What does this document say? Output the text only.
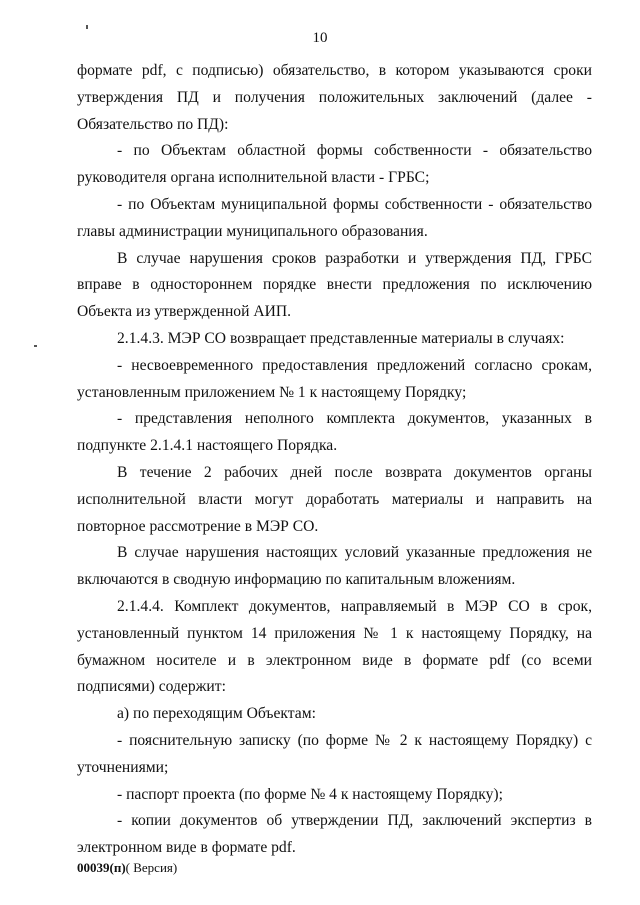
10

формате pdf, с подписью) обязательство, в котором указываются сроки утверждения ПД и получения положительных заключений (далее - Обязательство по ПД):

- по Объектам областной формы собственности - обязательство руководителя органа исполнительной власти - ГРБС;

- по Объектам муниципальной формы собственности - обязательство главы администрации муниципального образования.

В случае нарушения сроков разработки и утверждения ПД, ГРБС вправе в одностороннем порядке внести предложения по исключению Объекта из утвержденной АИП.

2.1.4.3. МЭР СО возвращает представленные материалы в случаях:

- несвоевременного предоставления предложений согласно срокам, установленным приложением № 1 к настоящему Порядку;

- представления неполного комплекта документов, указанных в подпункте 2.1.4.1 настоящего Порядка.

В течение 2 рабочих дней после возврата документов органы исполнительной власти могут доработать материалы и направить на повторное рассмотрение в МЭР СО.

В случае нарушения настоящих условий указанные предложения не включаются в сводную информацию по капитальным вложениям.

2.1.4.4. Комплект документов, направляемый в МЭР СО в срок, установленный пунктом 14 приложения № 1 к настоящему Порядку, на бумажном носителе и в электронном виде в формате pdf (со всеми подписями) содержит:

а) по переходящим Объектам:

- пояснительную записку (по форме № 2 к настоящему Порядку) с уточнениями;

- паспорт проекта (по форме № 4 к настоящему Порядку);

- копии документов об утверждении ПД, заключений экспертиз в электронном виде в формате pdf.

00039(п)( Версия)
